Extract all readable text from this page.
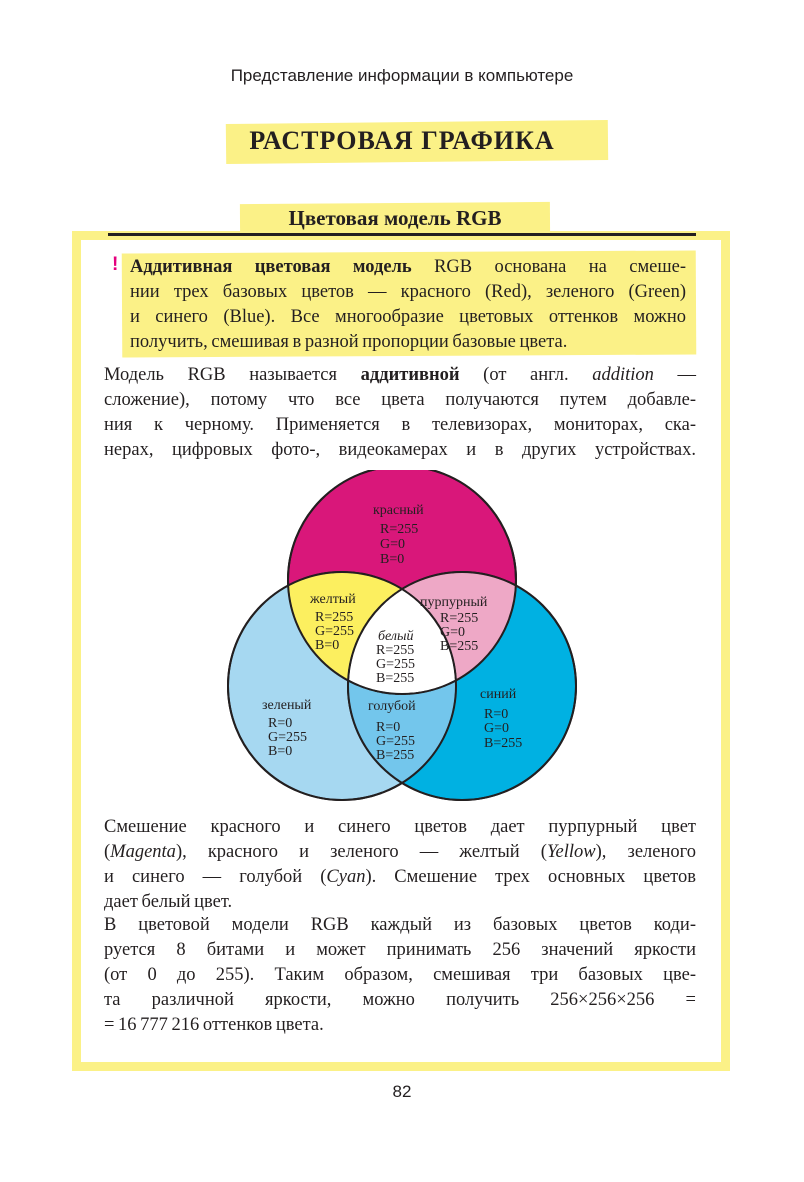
Представление информации в компьютере
РАСТРОВАЯ ГРАФИКА
Цветовая модель RGB
! Аддитивная цветовая модель RGB основана на смеше-
нии трех базовых цветов — красного (Red), зеленого (Green)
и синего (Blue). Все многообразие цветовых оттенков можно
получить, смешивая в разной пропорции базовые цвета.
Модель RGB называется аддитивной (от англ. addition —
сложение), потому что все цвета получаются путем добавле-
ния к черному. Применяется в телевизорах, мониторах, ска-
нерах, цифровых фото-, видеокамерах и в других устройствах.
красный
R=255
G=0
B=0
желтый
R=255
G=255
B=0
пурпурный
R=255
G=0
B=255
белый
R=255
G=255
B=255
зеленый
R=0
G=255
B=0
голубой
R=0
G=255
B=255
синий
R=0
G=0
B=255
Смешение красного и синего цветов дает пурпурный цвет
(Magenta), красного и зеленого — желтый (Yellow), зеленого
и синего — голубой (Cyan). Смешение трех основных цветов
дает белый цвет.
В цветовой модели RGB каждый из базовых цветов коди-
руется 8 битами и может принимать 256 значений яркости
(от 0 до 255). Таким образом, смешивая три базовых цве-
та различной яркости, можно получить 256×256×256 =
= 16 777 216 оттенков цвета.
82
